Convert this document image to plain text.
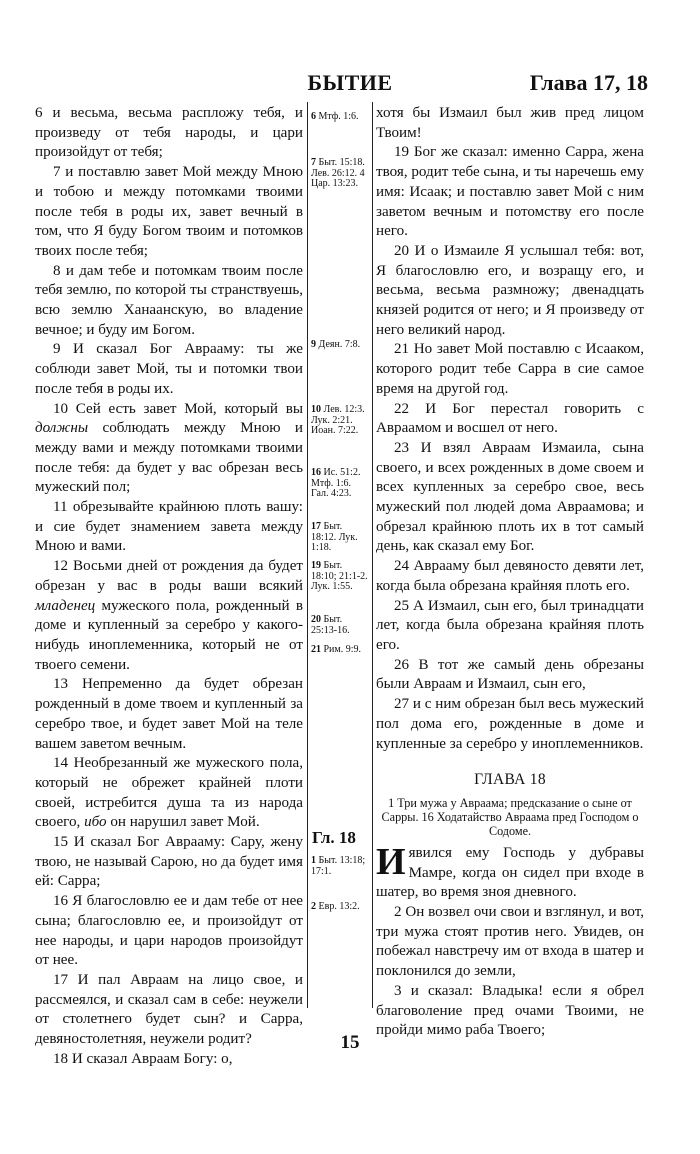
БЫТИЕ	Глава 17, 18

6 и весьма, весьма распложу тебя, и произведу от тебя народы, и цари произойдут от тебя;

7 и поставлю завет Мой между Мною и тобою и между потомками твоими после тебя в роды их, завет вечный в том, что Я буду Богом твоим и потомков твоих после тебя;

8 и дам тебе и потомкам твоим после тебя землю, по которой ты странствуешь, всю землю Ханаанскую, во владение вечное; и буду им Богом.

9 И сказал Бог Аврааму: ты же соблюди завет Мой, ты и потомки твои после тебя в роды их.

10 Сей есть завет Мой, который вы должны соблюдать между Мною и между вами и между потомками твоими после тебя: да будет у вас обрезан весь мужеский пол;

11 обрезывайте крайнюю плоть вашу: и сие будет знамением завета между Мною и вами.

12 Восьми дней от рождения да будет обрезан у вас в роды ваши всякий младенец мужеского пола, рожденный в доме и купленный за серебро у какого-нибудь иноплеменника, который не от твоего семени.

13 Непременно да будет обрезан рожденный в доме твоем и купленный за серебро твое, и будет завет Мой на теле вашем заветом вечным.

14 Необрезанный же мужеского пола, который не обрежет крайней плоти своей, истребится душа та из народа своего, ибо он нарушил завет Мой.

15 И сказал Бог Аврааму: Сару, жену твою, не называй Сарою, но да будет имя ей: Сарра;

16 Я благословлю ее и дам тебе от нее сына; благословлю ее, и произойдут от нее народы, и цари народов произойдут от нее.

17 И пал Авраам на лицо свое, и рассмеялся, и сказал сам в себе: неужели от столетнего будет сын? и Сарра, девяностолетняя, неужели родит?

18 И сказал Авраам Богу: о,

6 Мтф. 1:6.
7 Быт. 15:18. Лев. 26:12. 4 Цар. 13:23.
9 Деян. 7:8.
10 Лев. 12:3. Лук. 2:21. Иоан. 7:22.
16 Ис. 51:2. Мтф. 1:6. Гал. 4:23.
17 Быт. 18:12. Лук. 1:18.
19 Быт. 18:10; 21:1-2. Лук. 1:55.
20 Быт. 25:13-16.
21 Рим. 9:9.
1 Быт. 13:18; 17:1.
2 Евр. 13:2.
Гл. 18

хотя бы Измаил был жив пред лицом Твоим!

19 Бог же сказал: именно Сарра, жена твоя, родит тебе сына, и ты наречешь ему имя: Исаак; и поставлю завет Мой с ним заветом вечным и потомству его после него.

20 И о Измаиле Я услышал тебя: вот, Я благословлю его, и возращу его, и весьма, весьма размножу; двенадцать князей родится от него; и Я произведу от него великий народ.

21 Но завет Мой поставлю с Исааком, которого родит тебе Сарра в сие самое время на другой год.

22 И Бог перестал говорить с Авраамом и восшел от него.

23 И взял Авраам Измаила, сына своего, и всех рожденных в доме своем и всех купленных за серебро свое, весь мужеский пол людей дома Авраамова; и обрезал крайнюю плоть их в тот самый день, как сказал ему Бог.

24 Аврааму был девяносто девяти лет, когда была обрезана крайняя плоть его.

25 А Измаил, сын его, был тринадцати лет, когда была обрезана крайняя плоть его.

26 В тот же самый день обрезаны были Авраам и Измаил, сын его,

27 и с ним обрезан был весь мужеский пол дома его, рожденные в доме и купленные за серебро у иноплеменников.

ГЛАВА 18
1 Три мужа у Авраама; предсказание о сыне от Сарры. 16 Ходатайство Авраама пред Господом о Содоме.

Иявился ему Господь у дубравы Мамре, когда он сидел при входе в шатер, во время зноя дневного.

2 Он возвел очи свои и взглянул, и вот, три мужа стоят против него. Увидев, он побежал навстречу им от входа в шатер и поклонился до земли,

3 и сказал: Владыка! если я обрел благоволение пред очами Твоими, не пройди мимо раба Твоего;

15
